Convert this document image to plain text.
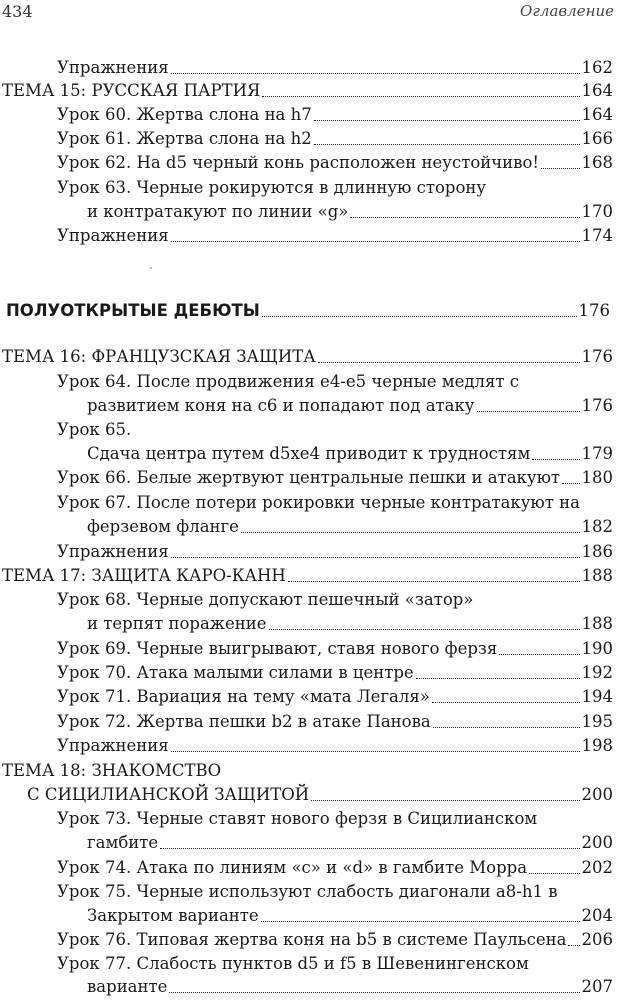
434	Оглавление
Упражнения	162
ТЕМА 15: РУССКАЯ ПАРТИЯ	164
Урок 60. Жертва слона на h7	164
Урок 61. Жертва слона на h2	166
Урок 62. На d5 черный конь расположен неустойчиво!	168
Урок 63. Черные рокируются в длинную сторону
и контратакуют по линии «g»	170
Упражнения	174
ПОЛУОТКРЫТЫЕ ДЕБЮТЫ	176
ТЕМА 16: ФРАНЦУЗСКАЯ ЗАЩИТА	176
Урок 64. После продвижения е4-е5 черные медлят с
развитием коня на с6 и попадают под атаку	176
Урок 65.
Сдача центра путем d5xe4 приводит к трудностям	179
Урок 66. Белые жертвуют центральные пешки и атакуют 180
Урок 67. После потери рокировки черные контратакуют на
ферзевом фланге	182
Упражнения	186
ТЕМА 17: ЗАЩИТА КАРО-КАНН	188
Урок 68. Черные допускают пешечный «затор»
и терпят поражение	188
Урок 69. Черные выигрывают, ставя нового ферзя	190
Урок 70. Атака малыми силами в центре	192
Урок 71. Вариация на тему «мата Легаля»	194
Урок 72. Жертва пешки b2 в атаке Панова	195
Упражнения	198
ТЕМА 18: ЗНАКОМСТВО
С СИЦИЛИАНСКОЙ ЗАЩИТОЙ	200
Урок 73. Черные ставят нового ферзя в Сицилианском
гамбите	200
Урок 74. Атака по линиям «с» и «d» в гамбите Морра	202
Урок 75. Черные используют слабость диагонали а8-h1 в
Закрытом варианте	204
Урок 76. Типовая жертва коня на b5 в системе Паульсена 206
Урок 77. Слабость пунктов d5 и f5 в Шевенингенском
варианте	207
